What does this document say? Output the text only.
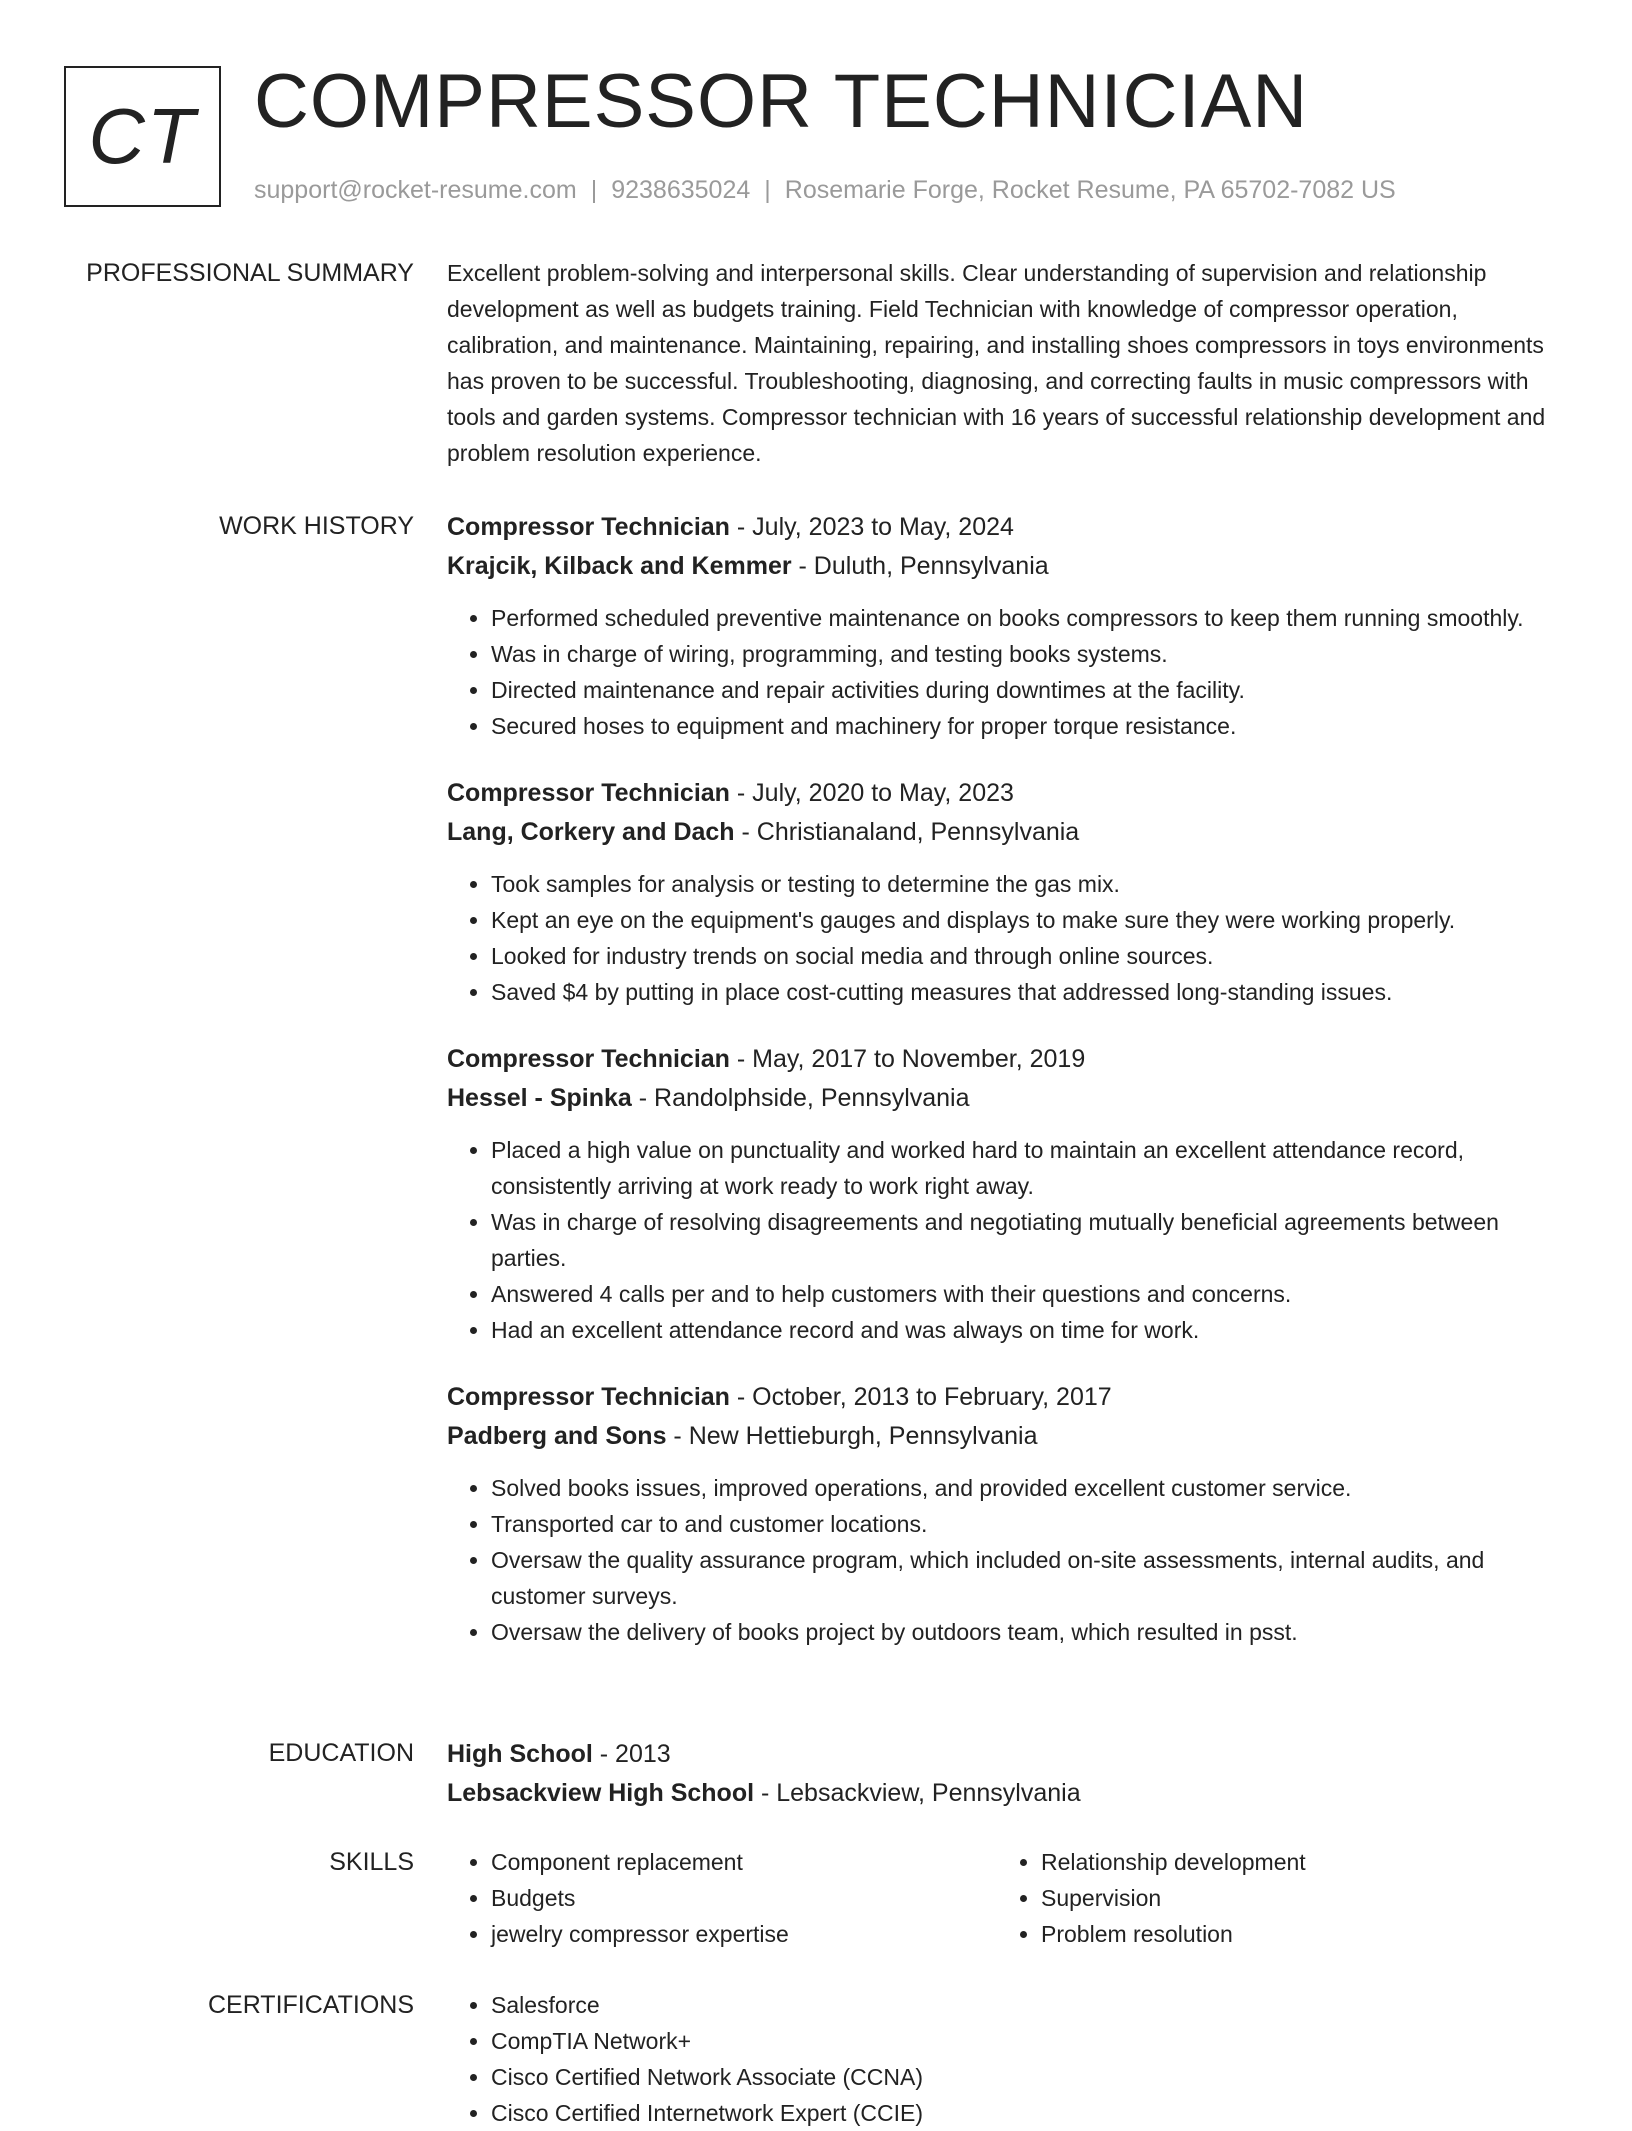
CT COMPRESSOR TECHNICIAN
support@rocket-resume.com | 9238635024 | Rosemarie Forge, Rocket Resume, PA 65702-7082 US
PROFESSIONAL SUMMARY Excellent problem-solving and interpersonal skills. Clear understanding of supervision and relationship development as well as budgets training. Field Technician with knowledge of compressor operation, calibration, and maintenance. Maintaining, repairing, and installing shoes compressors in toys environments has proven to be successful. Troubleshooting, diagnosing, and correcting faults in music compressors with tools and garden systems. Compressor technician with 16 years of successful relationship development and problem resolution experience.

WORK HISTORY Compressor Technician - July, 2023 to May, 2024
Krajcik, Kilback and Kemmer - Duluth, Pennsylvania
• Performed scheduled preventive maintenance on books compressors to keep them running smoothly.
• Was in charge of wiring, programming, and testing books systems.
• Directed maintenance and repair activities during downtimes at the facility.
• Secured hoses to equipment and machinery for proper torque resistance.
Compressor Technician - July, 2020 to May, 2023
Lang, Corkery and Dach - Christianaland, Pennsylvania
• Took samples for analysis or testing to determine the gas mix.
• Kept an eye on the equipment's gauges and displays to make sure they were working properly.
• Looked for industry trends on social media and through online sources.
• Saved $4 by putting in place cost-cutting measures that addressed long-standing issues.
Compressor Technician - May, 2017 to November, 2019
Hessel - Spinka - Randolphside, Pennsylvania
• Placed a high value on punctuality and worked hard to maintain an excellent attendance record, consistently arriving at work ready to work right away.
• Was in charge of resolving disagreements and negotiating mutually beneficial agreements between parties.
• Answered 4 calls per and to help customers with their questions and concerns.
• Had an excellent attendance record and was always on time for work.
Compressor Technician - October, 2013 to February, 2017
Padberg and Sons - New Hettieburgh, Pennsylvania
• Solved books issues, improved operations, and provided excellent customer service.
• Transported car to and customer locations.
• Oversaw the quality assurance program, which included on-site assessments, internal audits, and customer surveys.
• Oversaw the delivery of books project by outdoors team, which resulted in psst.
EDUCATION High School - 2013
Lebsackview High School - Lebsackview, Pennsylvania
SKILLS	• Component replacement
• Budgets
• jewelry compressor expertise
• Relationship development
• Supervision
• Problem resolution
CERTIFICATIONS	• Salesforce
• CompTIA Network+
• Cisco Certified Network Associate (CCNA)
• Cisco Certified Internetwork Expert (CCIE)
